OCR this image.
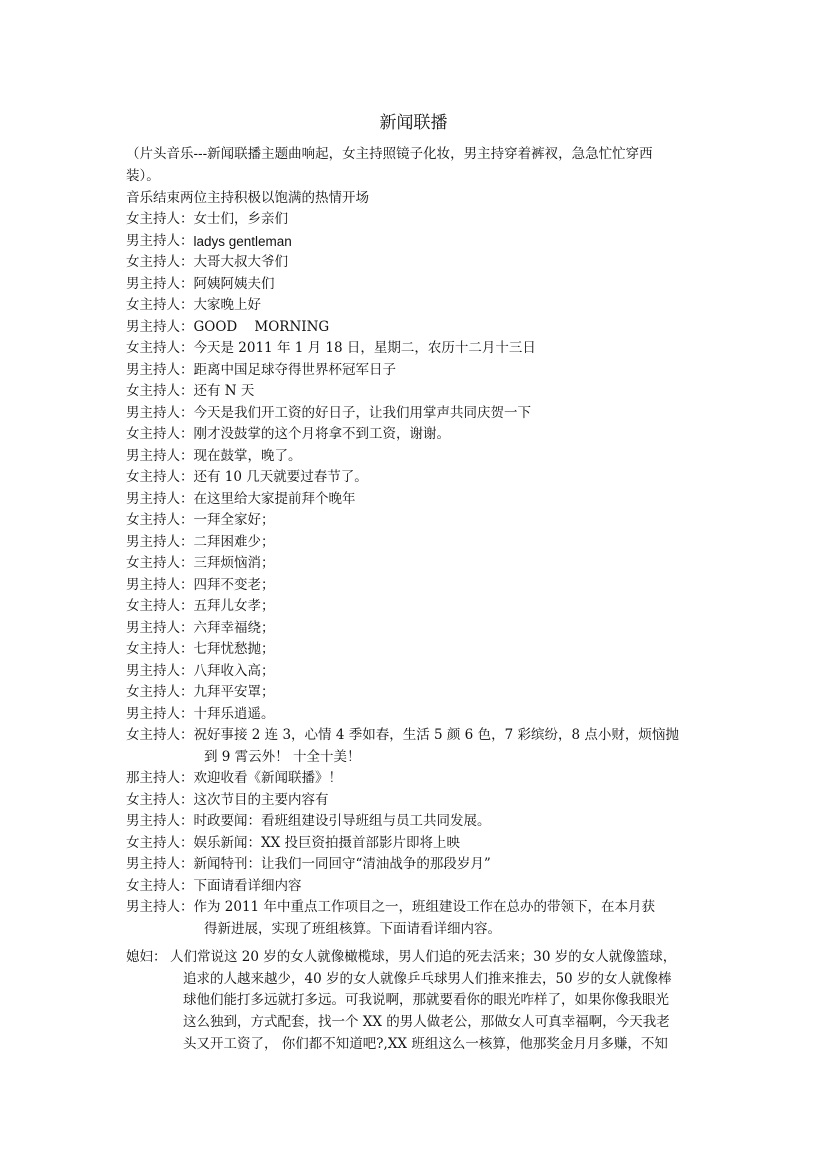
新闻联播
（片头音乐---新闻联播主题曲响起，女主持照镜子化妆，男主持穿着裤衩，急急忙忙穿西
装）。
音乐结束两位主持积极以饱满的热情开场
女主持人：女士们，乡亲们
男主持人：ladys gentleman
女主持人：大哥大叔大爷们
男主持人：阿姨阿姨夫们
女主持人：大家晚上好
男主持人：GOOD    MORNING
女主持人：今天是 2011 年 1 月 18 日，星期二，农历十二月十三日
男主持人：距离中国足球夺得世界杯冠军日子
女主持人：还有 N 天
男主持人：今天是我们开工资的好日子，让我们用掌声共同庆贺一下
女主持人：刚才没鼓掌的这个月将拿不到工资，谢谢。
男主持人：现在鼓掌，晚了。
女主持人：还有 10 几天就要过春节了。
男主持人：在这里给大家提前拜个晚年
女主持人：一拜全家好；
男主持人：二拜困难少；
女主持人：三拜烦恼消；
男主持人：四拜不变老；
女主持人：五拜儿女孝；
男主持人：六拜幸福绕；
女主持人：七拜忧愁抛；
男主持人：八拜收入高；
女主持人：九拜平安罩；
男主持人：十拜乐逍遥。
女主持人：祝好事接 2 连 3，心情 4 季如春，生活 5 颜 6 色，7 彩缤纷，8 点小财，烦恼抛
到 9 霄云外！ 十全十美！
那主持人：欢迎收看《新闻联播》！
女主持人：这次节目的主要内容有
男主持人：时政要闻：看班组建设引导班组与员工共同发展。
女主持人：娱乐新闻：XX 投巨资拍摄首部影片即将上映
男主持人：新闻特刊：让我们一同回守“清油战争的那段岁月”
女主持人：下面请看详细内容
男主持人：作为 2011 年中重点工作项目之一，班组建设工作在总办的带领下，在本月获
得新进展，实现了班组核算。下面请看详细内容。
媳妇： 人们常说这 20 岁的女人就像橄榄球，男人们追的死去活来；30 岁的女人就像篮球，
追求的人越来越少，40 岁的女人就像乒乓球男人们推来推去，50 岁的女人就像棒
球他们能打多远就打多远。可我说啊，那就要看你的眼光咋样了，如果你像我眼光
这么独到，方式配套，找一个 XX 的男人做老公，那做女人可真幸福啊，今天我老
头又开工资了， 你们都不知道吧?,XX 班组这么一核算，他那奖金月月多赚，不知
